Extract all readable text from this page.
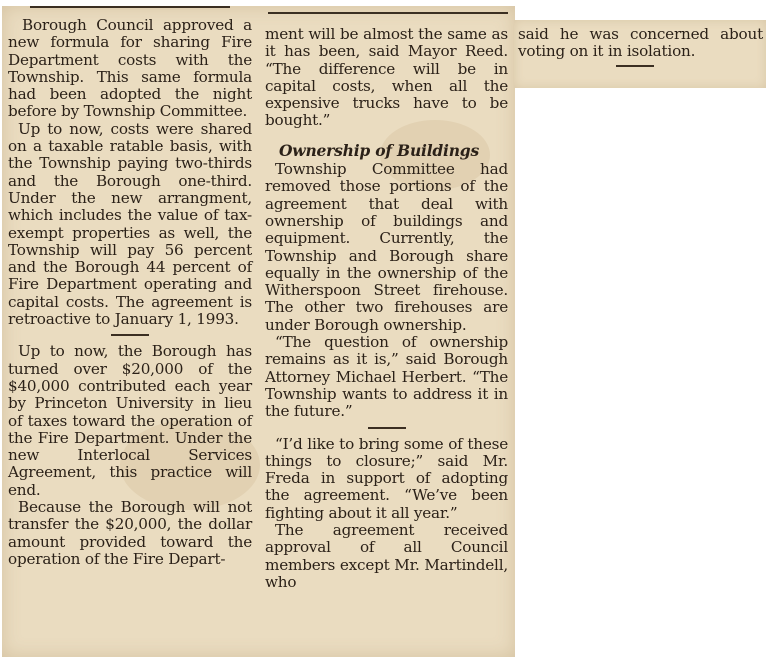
Borough Council approved a new formula for sharing Fire Department costs with the Township. This same formula had been adopted the night before by Township Committee.

Up to now, costs were shared on a taxable ratable basis, with the Township paying two-thirds and the Borough one-third. Under the new arrangment, which includes the value of tax-exempt properties as well, the Township will pay 56 percent and the Borough 44 percent of Fire Department operating and capital costs. The agreement is retroactive to January 1, 1993.

Up to now, the Borough has turned over $20,000 of the $40,000 contributed each year by Princeton University in lieu of taxes toward the operation of the Fire Department. Under the new Interlocal Services Agreement, this practice will end.

Because the Borough will not transfer the $20,000, the dollar amount provided toward the operation of the Fire Depart-

ment will be almost the same as it has been, said Mayor Reed. “The difference will be in capital costs, when all the expensive trucks have to be bought.”

Ownership of Buildings

Township Committee had removed those portions of the agreement that deal with ownership of buildings and equipment. Currently, the Township and Borough share equally in the ownership of the Witherspoon Street firehouse. The other two firehouses are under Borough ownership.

“The question of ownership remains as it is,” said Borough Attorney Michael Herbert. “The Township wants to address it in the future.”

“I’d like to bring some of these things to closure;” said Mr. Freda in support of adopting the agreement. “We’ve been fighting about it all year.”

The agreement received approval of all Council members except Mr. Martindell, who

said he was concerned about voting on it in isolation.
